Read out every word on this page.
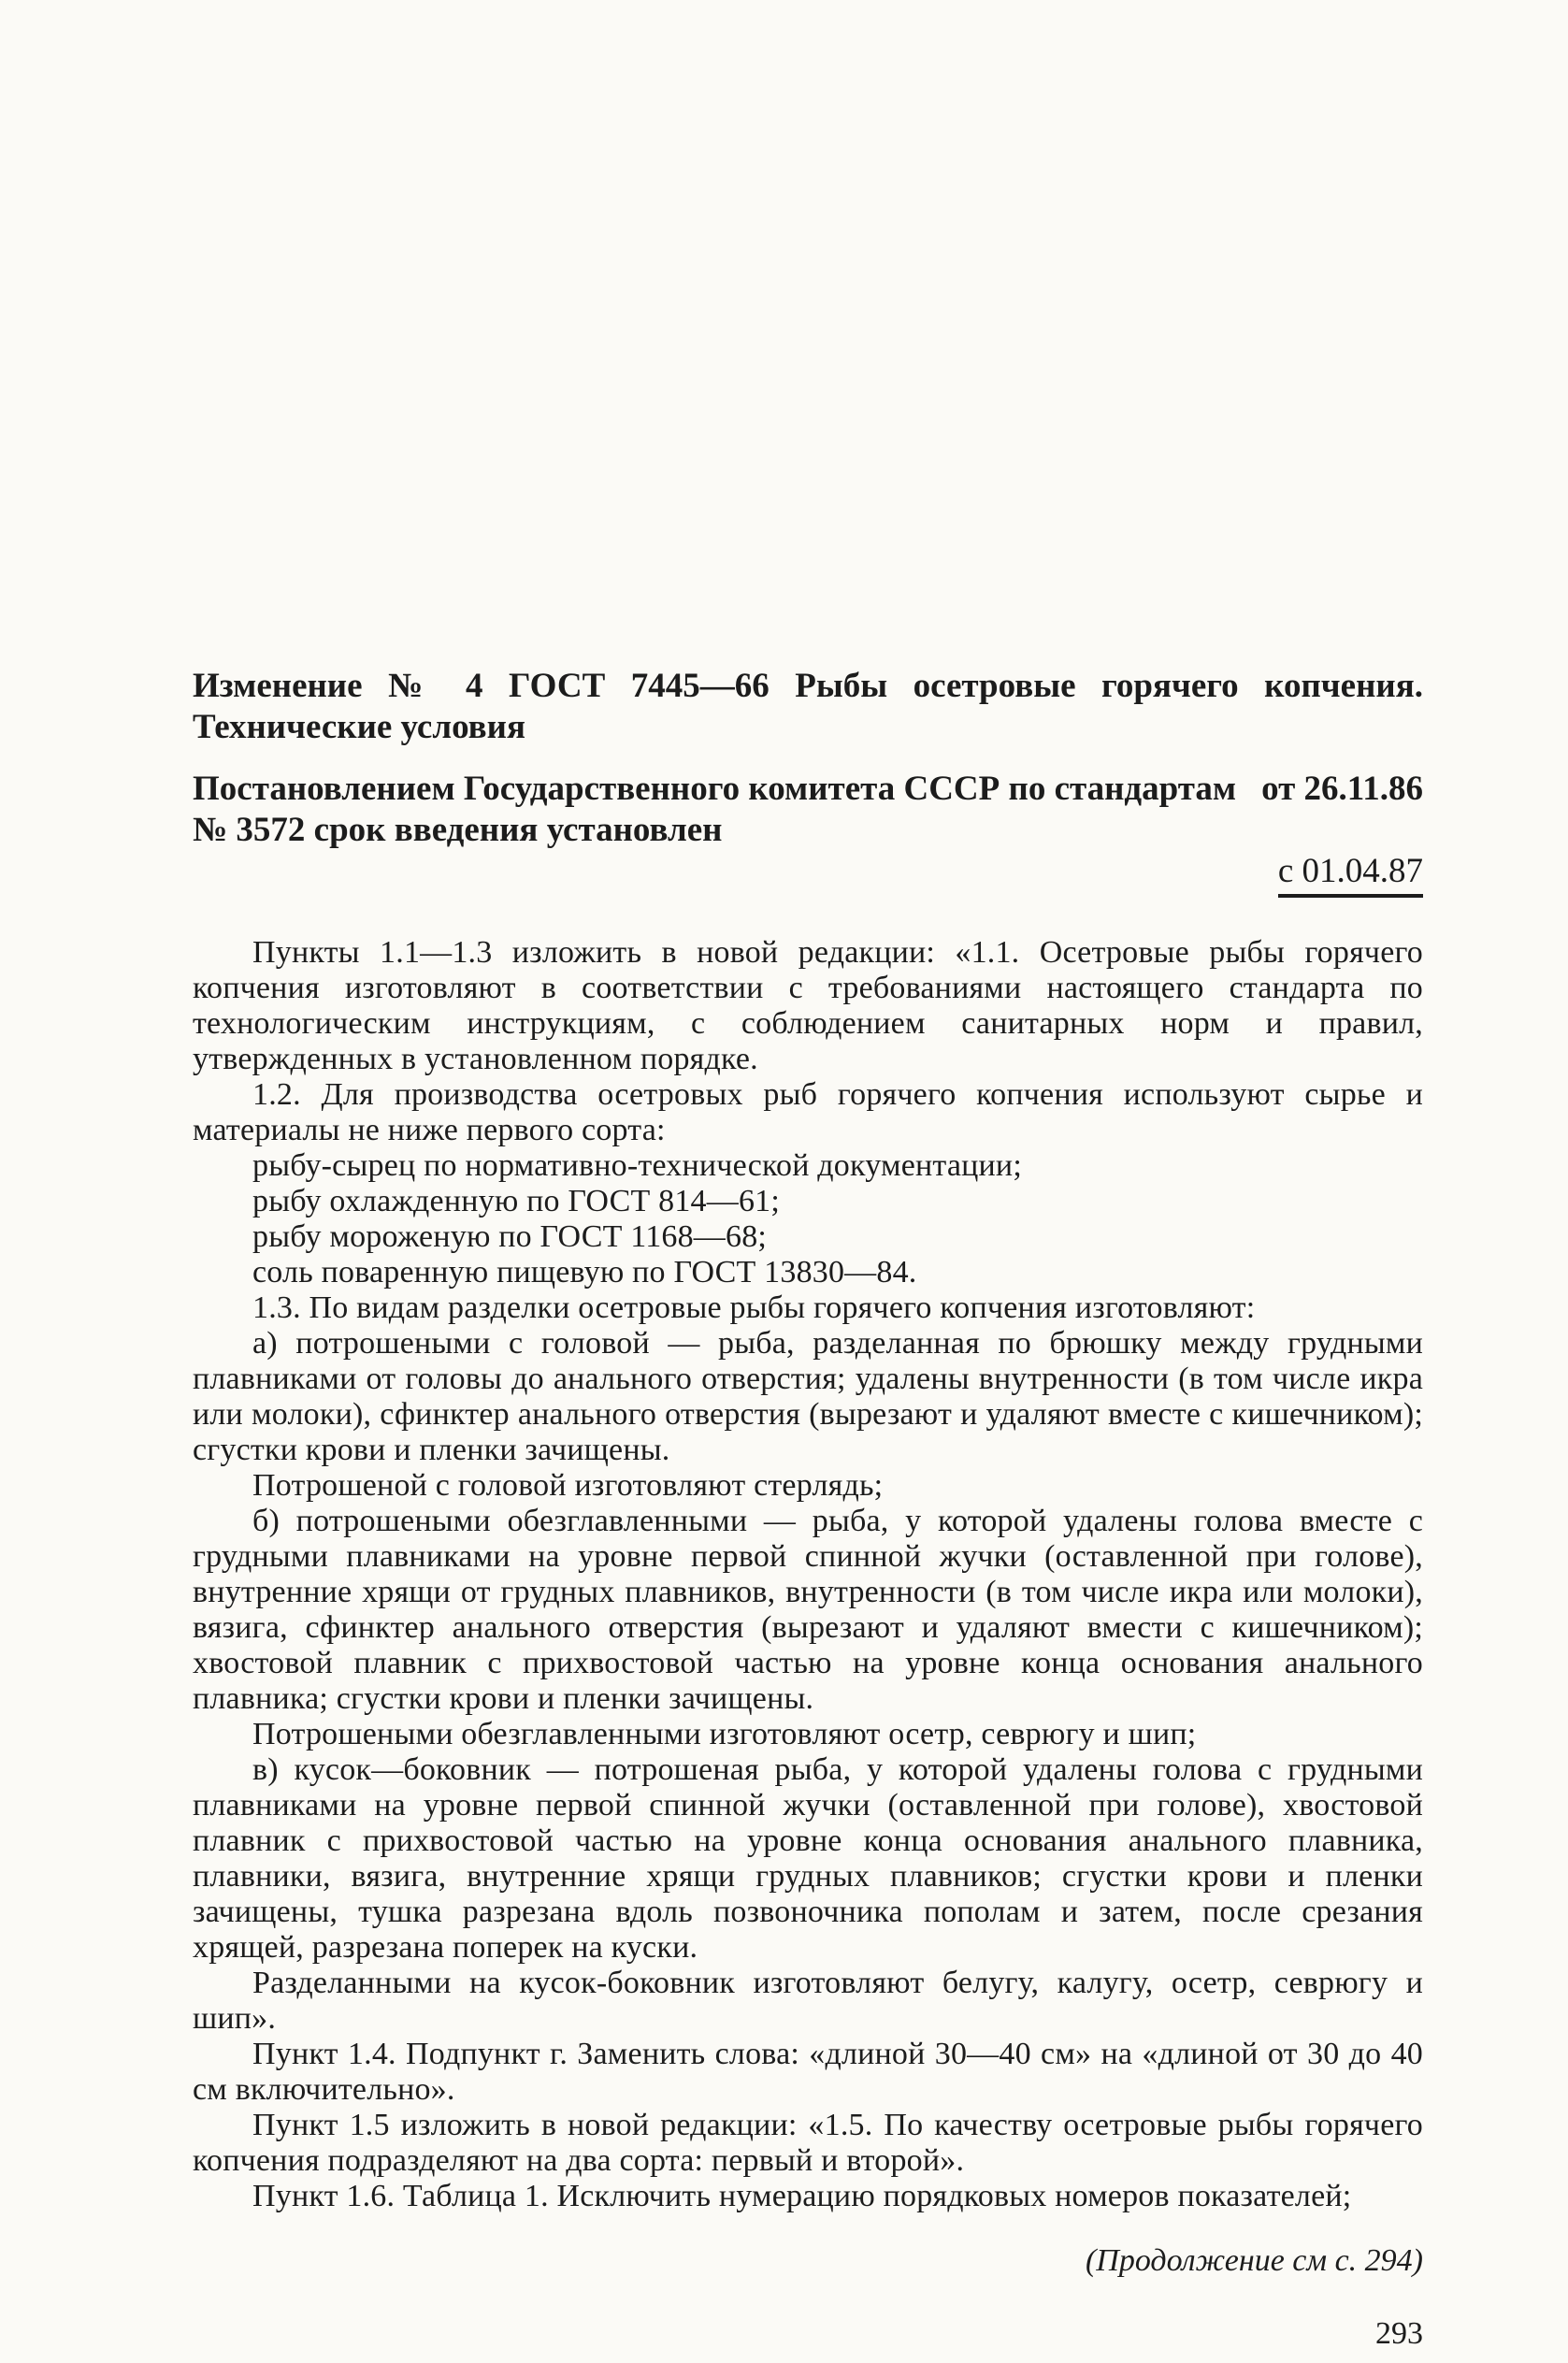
Изменение № 4 ГОСТ 7445—66 Рыбы осетровые горячего копчения. Технические условия

Постановлением Государственного комитета СССР по стандартам от 26.11.86
№ 3572 срок введения установлен

с 01.04.87

Пункты 1.1—1.3 изложить в новой редакции: «1.1. Осетровые рыбы горячего копчения изготовляют в соответствии с требованиями настоящего стандарта по технологическим инструкциям, с соблюдением санитарных норм и правил, утвержденных в установленном порядке.

1.2. Для производства осетровых рыб горячего копчения используют сырье и материалы не ниже первого сорта:

рыбу-сырец по нормативно-технической документации;

рыбу охлажденную по ГОСТ 814—61;

рыбу мороженую по ГОСТ 1168—68;

соль поваренную пищевую по ГОСТ 13830—84.

1.3. По видам разделки осетровые рыбы горячего копчения изготовляют:

а) потрошеными с головой — рыба, разделанная по брюшку между грудными плавниками от головы до анального отверстия; удалены внутренности (в том числе икра или молоки), сфинктер анального отверстия (вырезают и удаляют вместе с кишечником); сгустки крови и пленки зачищены.

Потрошеной с головой изготовляют стерлядь;

б) потрошеными обезглавленными — рыба, у которой удалены голова вместе с грудными плавниками на уровне первой спинной жучки (оставленной при голове), внутренние хрящи от грудных плавников, внутренности (в том числе икра или молоки), вязига, сфинктер анального отверстия (вырезают и удаляют вмести с кишечником); хвостовой плавник с прихвостовой частью на уровне конца основания анального плавника; сгустки крови и пленки зачищены.

Потрошеными обезглавленными изготовляют осетр, севрюгу и шип;

в) кусок—боковник — потрошеная рыба, у которой удалены голова с грудными плавниками на уровне первой спинной жучки (оставленной при голове), хвостовой плавник с прихвостовой частью на уровне конца основания анального плавника, плавники, вязига, внутренние хрящи грудных плавников; сгустки крови и пленки зачищены, тушка разрезана вдоль позвоночника пополам и затем, после срезания хрящей, разрезана поперек на куски.

Разделанными на кусок-боковник изготовляют белугу, калугу, осетр, севрюгу и шип».

Пункт 1.4. Подпункт г. Заменить слова: «длиной 30—40 см» на «длиной от 30 до 40 см включительно».

Пункт 1.5 изложить в новой редакции: «1.5. По качеству осетровые рыбы горячего копчения подразделяют на два сорта: первый и второй».

Пункт 1.6. Таблица 1. Исключить нумерацию порядковых номеров показателей;

(Продолжение см с. 294)
293
